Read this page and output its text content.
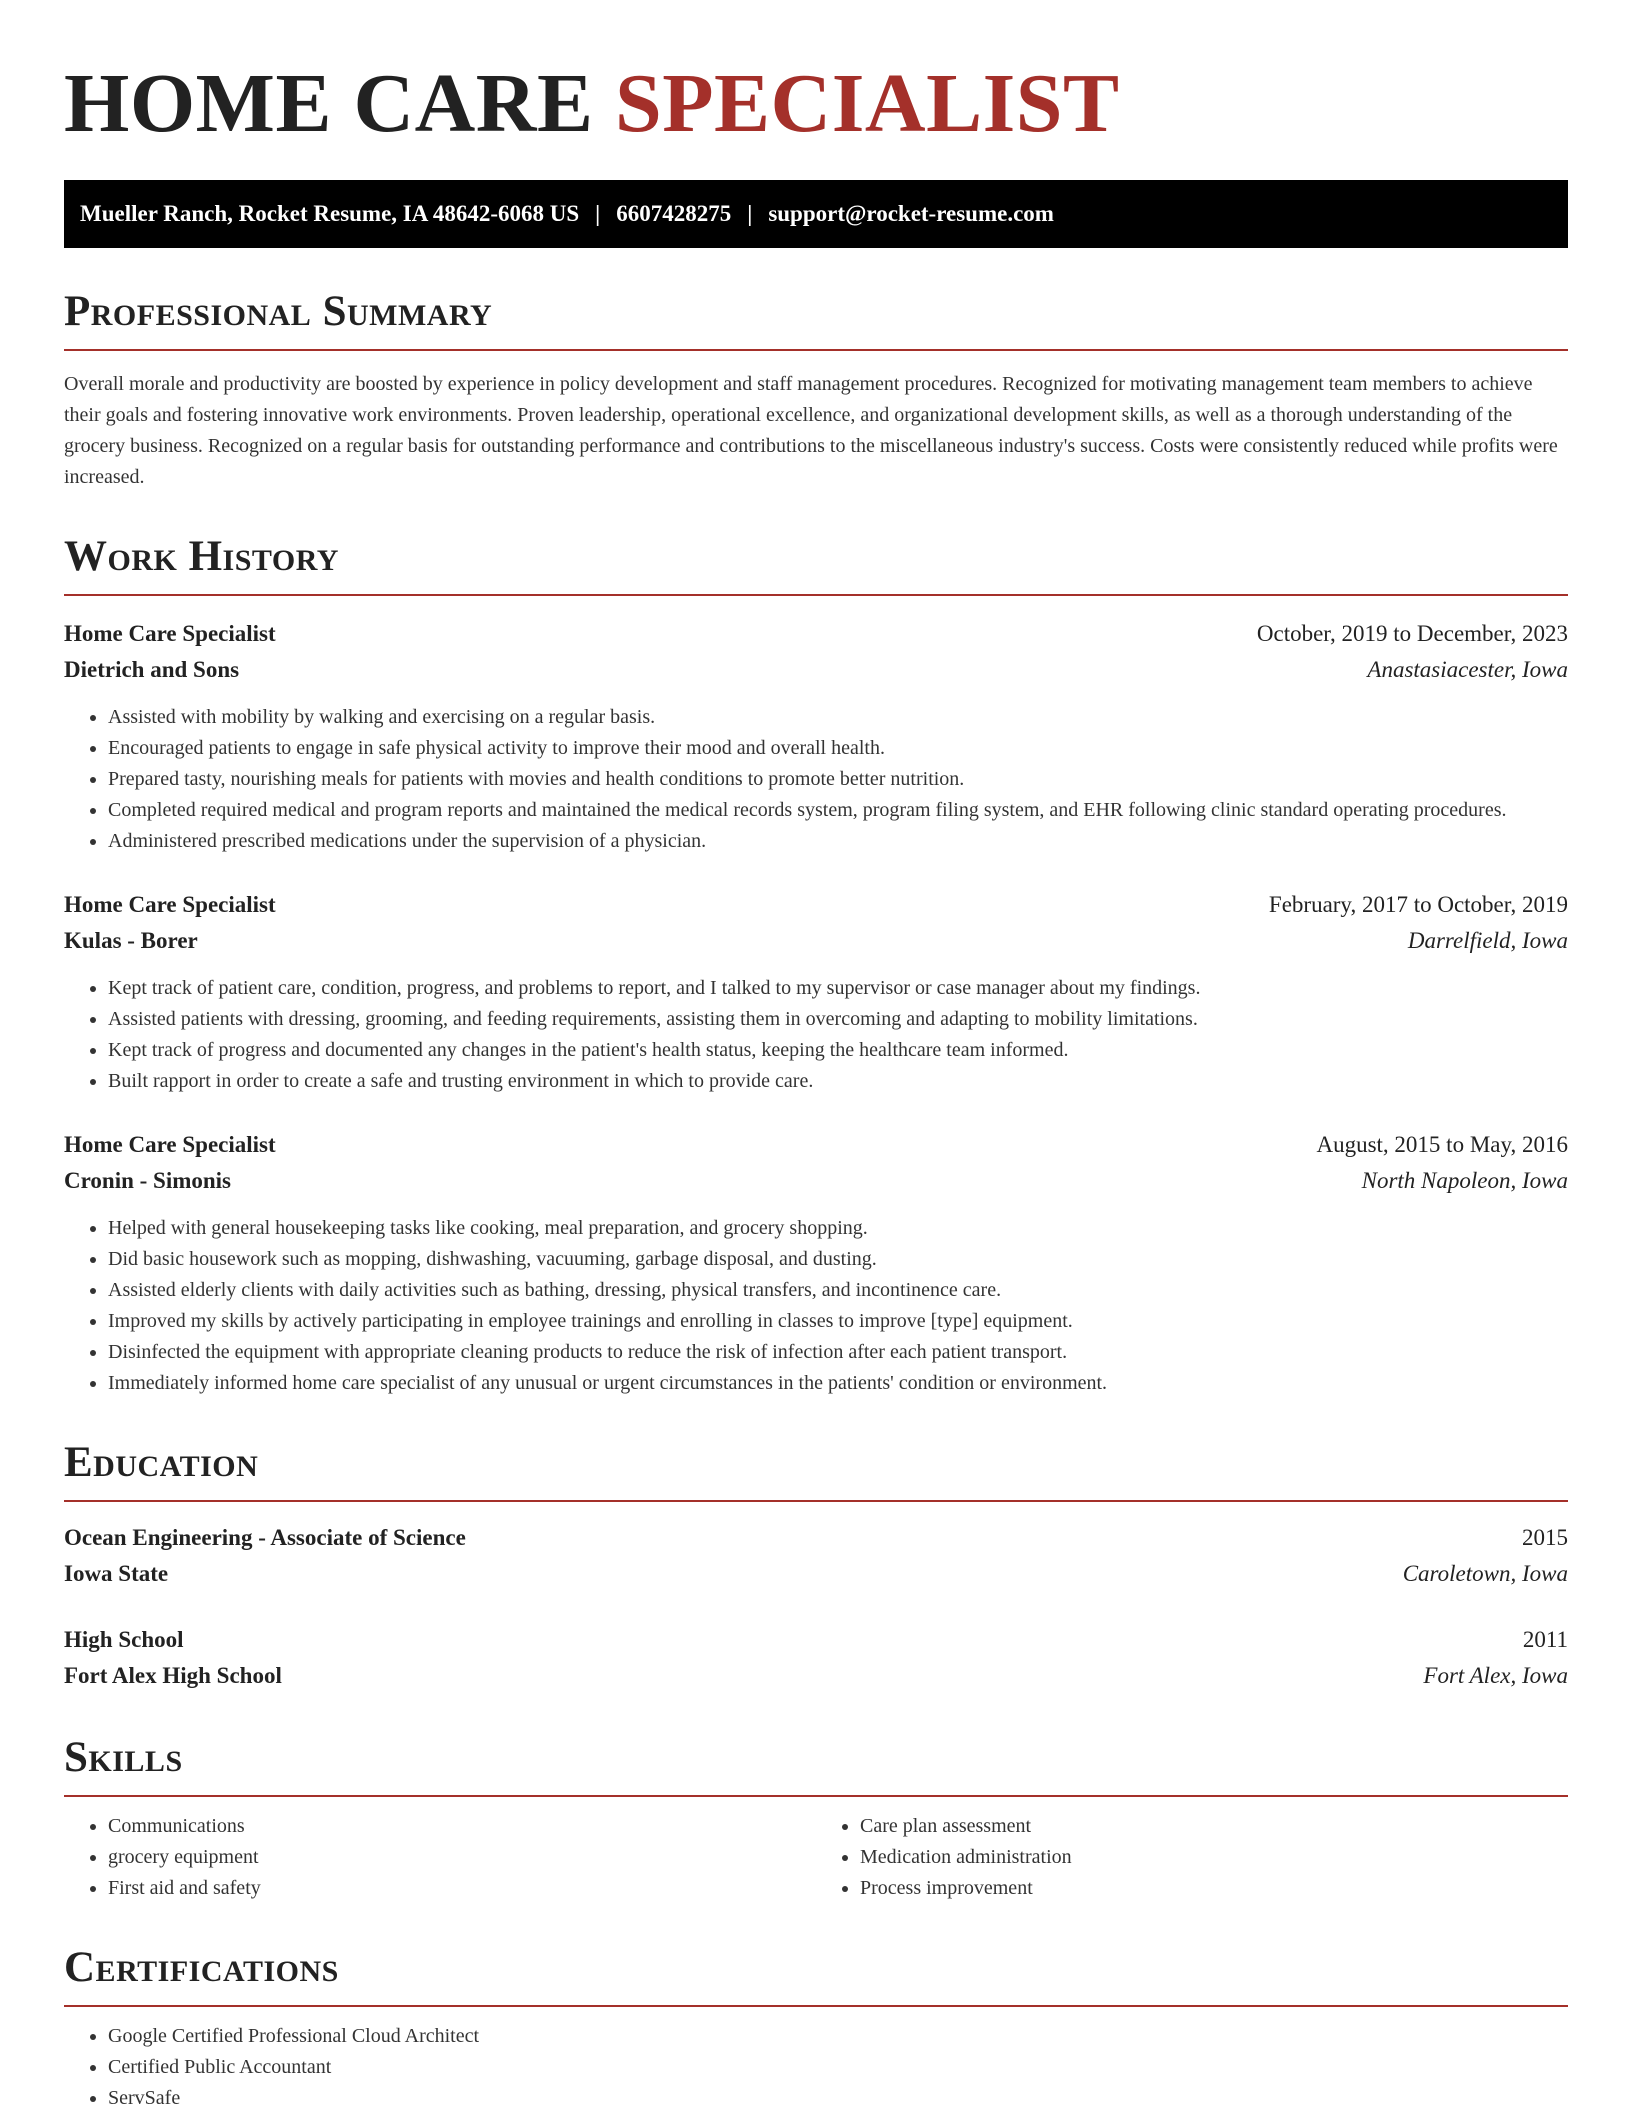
HOME CARE SPECIALIST
Mueller Ranch, Rocket Resume, IA 48642-6068 US | 6607428275 | support@rocket-resume.com
Professional Summary

Overall morale and productivity are boosted by experience in policy development and staff management procedures. Recognized for motivating management team members to achieve their goals and fostering innovative work environments. Proven leadership, operational excellence, and organizational development skills, as well as a thorough understanding of the grocery business. Recognized on a regular basis for outstanding performance and contributions to the miscellaneous industry's success. Costs were consistently reduced while profits were increased.

Work History
Home Care Specialist	October, 2019 to December, 2023
Dietrich and Sons	Anastasiacester, Iowa
• Assisted with mobility by walking and exercising on a regular basis.
• Encouraged patients to engage in safe physical activity to improve their mood and overall health.
• Prepared tasty, nourishing meals for patients with movies and health conditions to promote better nutrition.
• Completed required medical and program reports and maintained the medical records system, program filing system, and EHR following clinic standard operating procedures.
• Administered prescribed medications under the supervision of a physician.
Home Care Specialist	February, 2017 to October, 2019
Kulas - Borer	Darrelfield, Iowa
• Kept track of patient care, condition, progress, and problems to report, and I talked to my supervisor or case manager about my findings.
• Assisted patients with dressing, grooming, and feeding requirements, assisting them in overcoming and adapting to mobility limitations.
• Kept track of progress and documented any changes in the patient's health status, keeping the healthcare team informed.
• Built rapport in order to create a safe and trusting environment in which to provide care.
Home Care Specialist	August, 2015 to May, 2016
Cronin - Simonis	North Napoleon, Iowa
• Helped with general housekeeping tasks like cooking, meal preparation, and grocery shopping.
• Did basic housework such as mopping, dishwashing, vacuuming, garbage disposal, and dusting.
• Assisted elderly clients with daily activities such as bathing, dressing, physical transfers, and incontinence care.
• Improved my skills by actively participating in employee trainings and enrolling in classes to improve [type] equipment.
• Disinfected the equipment with appropriate cleaning products to reduce the risk of infection after each patient transport.
• Immediately informed home care specialist of any unusual or urgent circumstances in the patients' condition or environment.
Education
Ocean Engineering - Associate of Science	2015
Iowa State	Caroletown, Iowa
High School	2011
Fort Alex High School	Fort Alex, Iowa
Skills
• Communications
• grocery equipment
• First aid and safety
• Care plan assessment
• Medication administration
• Process improvement
Certifications
• Google Certified Professional Cloud Architect
• Certified Public Accountant
• ServSafe
